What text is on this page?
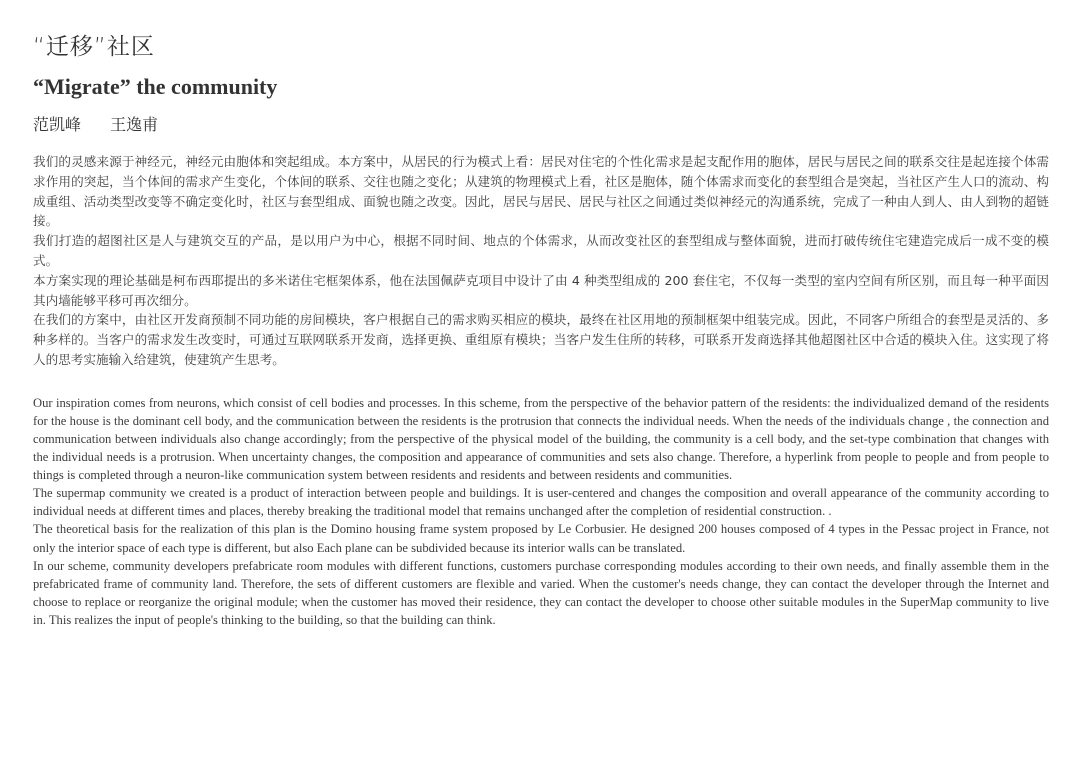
“迁移”社区
“Migrate” the community
范凯峰 王逸甫

我们的灵感来源于神经元，神经元由胞体和突起组成。本方案中，从居民的行为模式上看：居民对住宅的个性化需求是起支配作用的胞体，居民与居民之间的联系交往是起连接个体需求作用的突起，当个体间的需求产生变化，个体间的联系、交往也随之变化；从建筑的物理模式上看，社区是胞体，随个体需求而变化的套型组合是突起，当社区产生人口的流动、构成重组、活动类型改变等不确定变化时，社区与套型组成、面貌也随之改变。因此，居民与居民、居民与社区之间通过类似神经元的沟通系统，完成了一种由人到人、由人到物的超链接。

我们打造的超图社区是人与建筑交互的产品，是以用户为中心，根据不同时间、地点的个体需求，从而改变社区的套型组成与整体面貌，进而打破传统住宅建造完成后一成不变的模式。

本方案实现的理论基础是柯布西耶提出的多米诺住宅框架体系，他在法国佩萨克项目中设计了由 4 种类型组成的 200 套住宅，不仅每一类型的室内空间有所区别，而且每一种平面因其内墙能够平移可再次细分。

在我们的方案中，由社区开发商预制不同功能的房间模块，客户根据自己的需求购买相应的模块，最终在社区用地的预制框架中组装完成。因此，不同客户所组合的套型是灵活的、多种多样的。当客户的需求发生改变时，可通过互联网联系开发商，选择更换、重组原有模块；当客户发生住所的转移，可联系开发商选择其他超图社区中合适的模块入住。这实现了将人的思考实施输入给建筑，使建筑产生思考。

Our inspiration comes from neurons, which consist of cell bodies and processes. In this scheme, from the perspective of the behavior pattern of the residents: the individualized demand of the residents for the house is the dominant cell body, and the communication between the residents is the protrusion that connects the individual needs. When the needs of the individuals change , the connection and communication between individuals also change accordingly; from the perspective of the physical model of the building, the community is a cell body, and the set-type combination that changes with the individual needs is a protrusion. When uncertainty changes, the composition and appearance of communities and sets also change. Therefore, a hyperlink from people to people and from people to things is completed through a neuron-like communication system between residents and residents and between residents and communities.

The supermap community we created is a product of interaction between people and buildings. It is user-centered and changes the composition and overall appearance of the community according to individual needs at different times and places, thereby breaking the traditional model that remains unchanged after the completion of residential construction. .

The theoretical basis for the realization of this plan is the Domino housing frame system proposed by Le Corbusier. He designed 200 houses composed of 4 types in the Pessac project in France, not only the interior space of each type is different, but also Each plane can be subdivided because its interior walls can be translated.

In our scheme, community developers prefabricate room modules with different functions, customers purchase corresponding modules according to their own needs, and finally assemble them in the prefabricated frame of community land. Therefore, the sets of different customers are flexible and varied. When the customer's needs change, they can contact the developer through the Internet and choose to replace or reorganize the original module; when the customer has moved their residence, they can contact the developer to choose other suitable modules in the SuperMap community to live in. This realizes the input of people's thinking to the building, so that the building can think.
